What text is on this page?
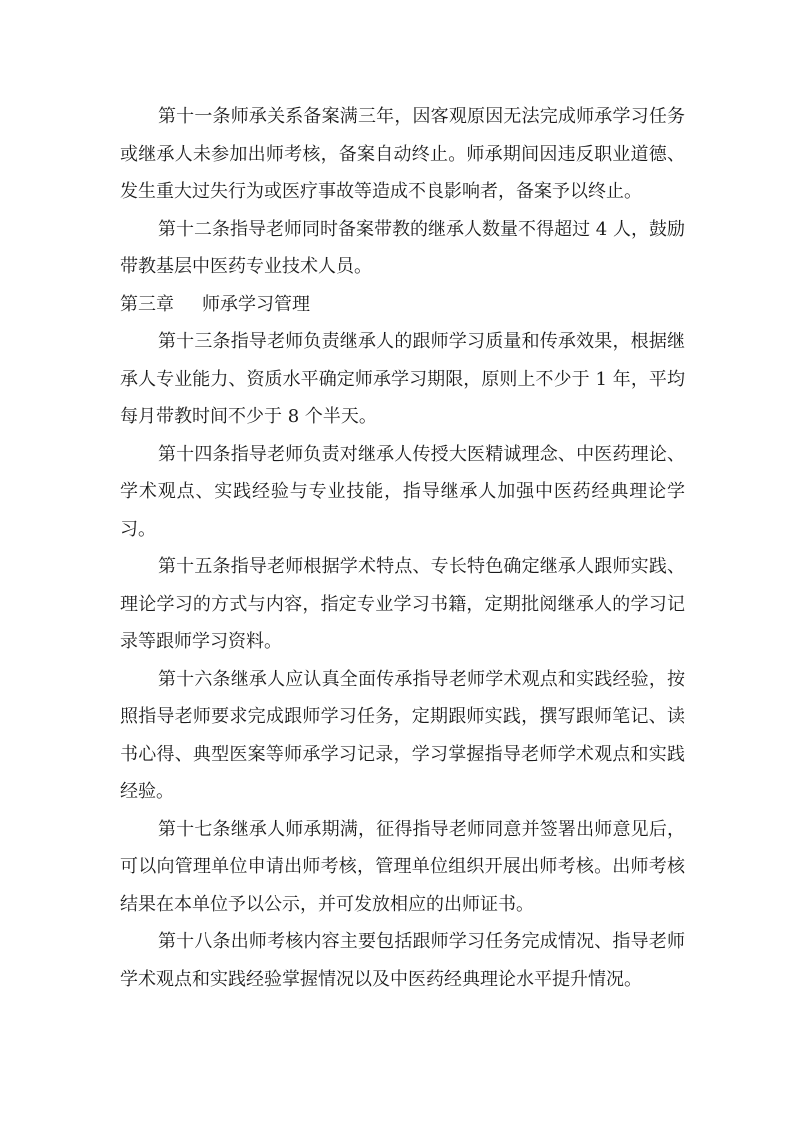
第十一条师承关系备案满三年，因客观原因无法完成师承学习任务或继承人未参加出师考核，备案自动终止。师承期间因违反职业道德、发生重大过失行为或医疗事故等造成不良影响者，备案予以终止。

第十二条指导老师同时备案带教的继承人数量不得超过 4 人，鼓励带教基层中医药专业技术人员。

第三章 师承学习管理

第十三条指导老师负责继承人的跟师学习质量和传承效果，根据继承人专业能力、资质水平确定师承学习期限，原则上不少于 1 年，平均每月带教时间不少于 8 个半天。

第十四条指导老师负责对继承人传授大医精诚理念、中医药理论、学术观点、实践经验与专业技能，指导继承人加强中医药经典理论学习。

第十五条指导老师根据学术特点、专长特色确定继承人跟师实践、理论学习的方式与内容，指定专业学习书籍，定期批阅继承人的学习记录等跟师学习资料。

第十六条继承人应认真全面传承指导老师学术观点和实践经验，按照指导老师要求完成跟师学习任务，定期跟师实践，撰写跟师笔记、读书心得、典型医案等师承学习记录，学习掌握指导老师学术观点和实践经验。

第十七条继承人师承期满，征得指导老师同意并签署出师意见后，可以向管理单位申请出师考核，管理单位组织开展出师考核。出师考核结果在本单位予以公示，并可发放相应的出师证书。

第十八条出师考核内容主要包括跟师学习任务完成情况、指导老师学术观点和实践经验掌握情况以及中医药经典理论水平提升情况。
